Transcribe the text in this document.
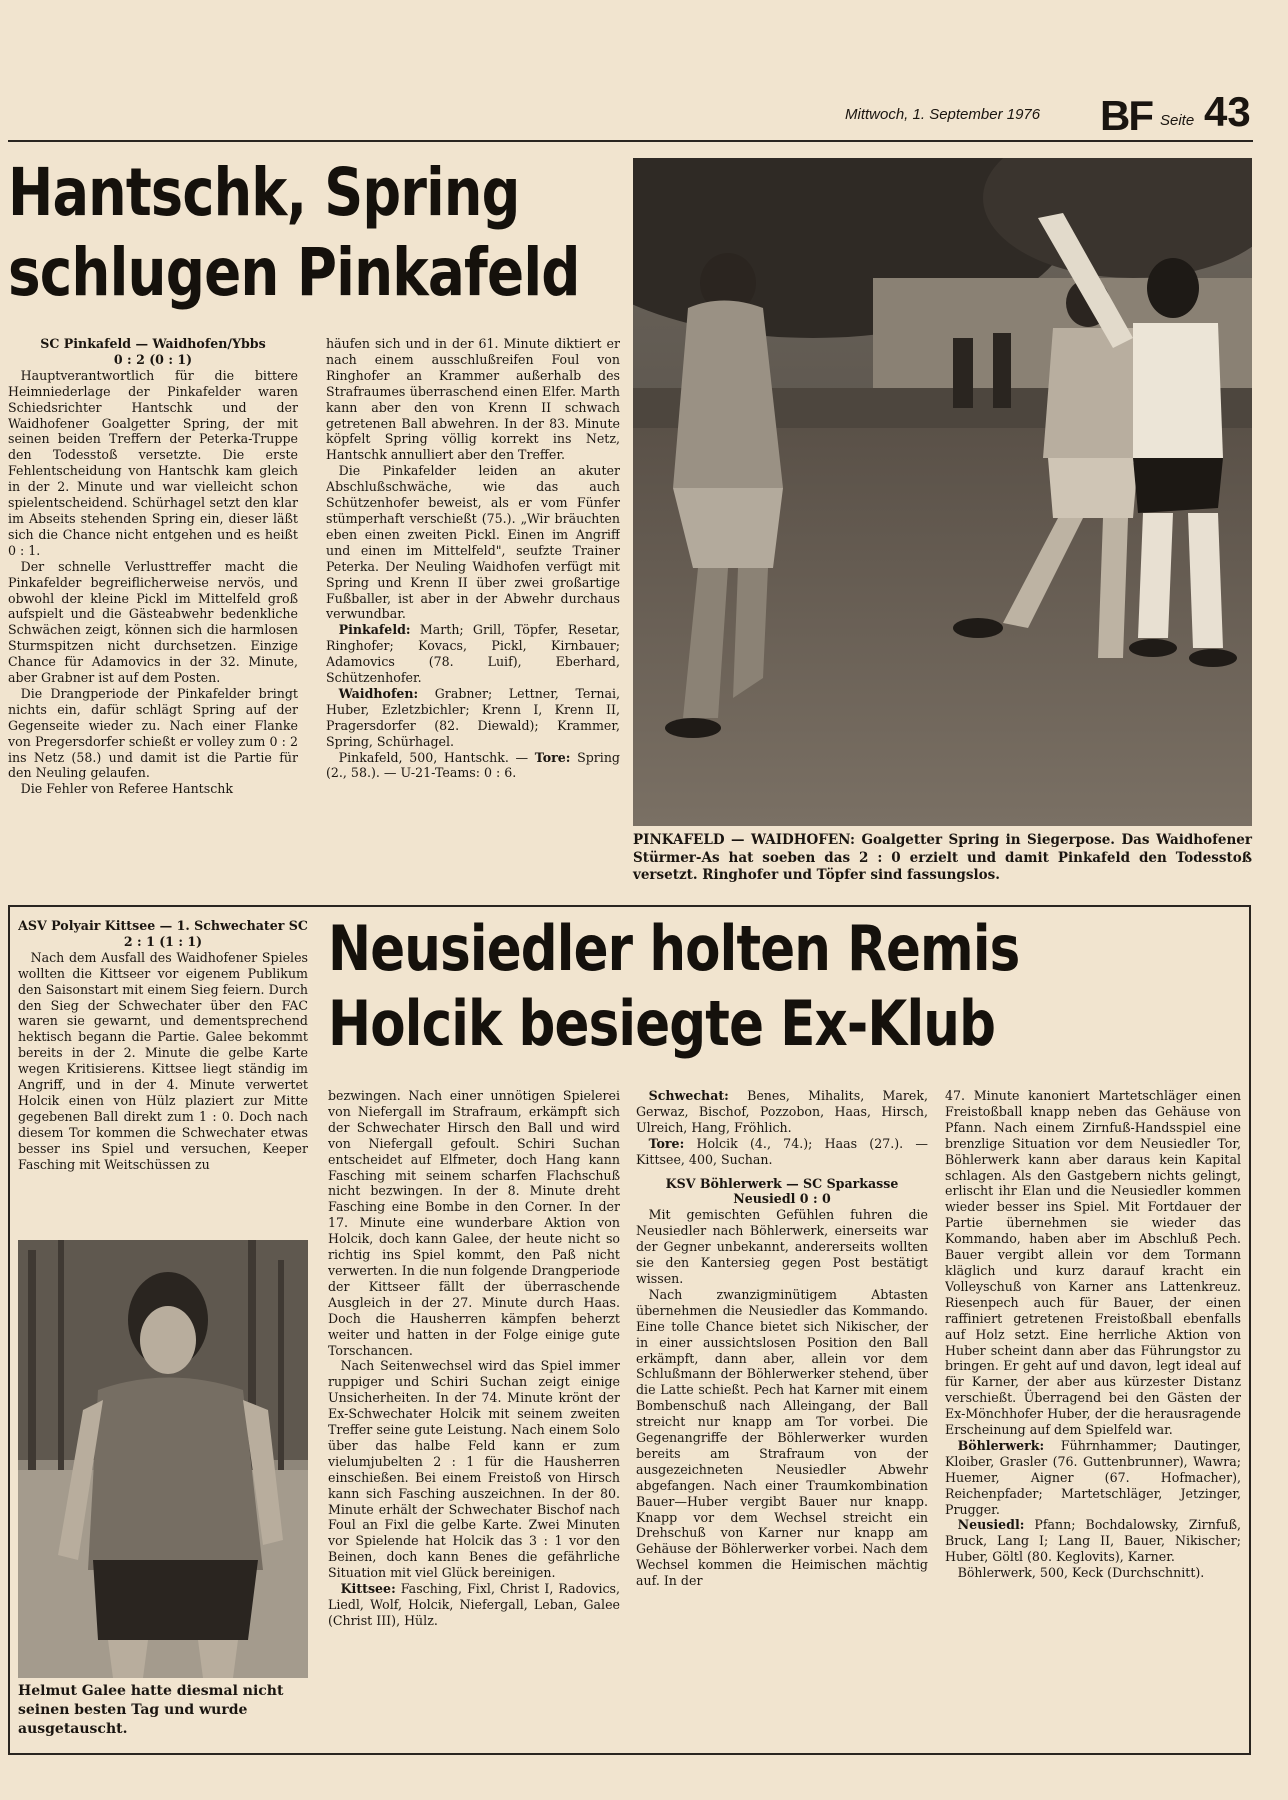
Mittwoch, 1. September 1976 BF Seite 43
Hantschk, Spring
schlugen Pinkafeld

SC Pinkafeld — Waidhofen/Ybbs

0 : 2 (0 : 1)

Hauptverantwortlich für die bittere Heimniederlage der Pinkafelder waren Schiedsrichter Hantschk und der Waidhofener Goalgetter Spring, der mit seinen beiden Treffern der Peterka-Truppe den Todesstoß versetzte. Die erste Fehlentscheidung von Hantschk kam gleich in der 2. Minute und war vielleicht schon spielentscheidend. Schürhagel setzt den klar im Abseits stehenden Spring ein, dieser läßt sich die Chance nicht entgehen und es heißt 0 : 1.

Der schnelle Verlusttreffer macht die Pinkafelder begreiflicherweise nervös, und obwohl der kleine Pickl im Mittelfeld groß aufspielt und die Gästeabwehr bedenkliche Schwächen zeigt, können sich die harmlosen Sturmspitzen nicht durchsetzen. Einzige Chance für Adamovics in der 32. Minute, aber Grabner ist auf dem Posten.

Die Drangperiode der Pinkafelder bringt nichts ein, dafür schlägt Spring auf der Gegenseite wieder zu. Nach einer Flanke von Pregersdorfer schießt er volley zum 0 : 2 ins Netz (58.) und damit ist die Partie für den Neuling gelaufen.

Die Fehler von Referee Hantschk

häufen sich und in der 61. Minute diktiert er nach einem ausschlußreifen Foul von Ringhofer an Krammer außerhalb des Strafraumes überraschend einen Elfer. Marth kann aber den von Krenn II schwach getretenen Ball abwehren. In der 83. Minute köpfelt Spring völlig korrekt ins Netz, Hantschk annulliert aber den Treffer.

Die Pinkafelder leiden an akuter Abschlußschwäche, wie das auch Schützenhofer beweist, als er vom Fünfer stümperhaft verschießt (75.). „Wir bräuchten eben einen zweiten Pickl. Einen im Angriff und einen im Mittelfeld", seufzte Trainer Peterka. Der Neuling Waidhofen verfügt mit Spring und Krenn II über zwei großartige Fußballer, ist aber in der Abwehr durchaus verwundbar.

Pinkafeld: Marth; Grill, Töpfer, Resetar, Ringhofer; Kovacs, Pickl, Kirnbauer; Adamovics (78. Luif), Eberhard, Schützenhofer.

Waidhofen: Grabner; Lettner, Ternai, Huber, Ezletzbichler; Krenn I, Krenn II, Pragersdorfer (82. Diewald); Krammer, Spring, Schürhagel.

Pinkafeld, 500, Hantschk. — Tore: Spring (2., 58.). — U-21-Teams: 0 : 6.

PINKAFELD — WAIDHOFEN: Goalgetter Spring in Siegerpose. Das Waidhofener Stürmer-As hat soeben das 2 : 0 erzielt und damit Pinkafeld den Todesstoß versetzt. Ringhofer und Töpfer sind fassungslos.
Neusiedler holten Remis
Holcik besiegte Ex-Klub

ASV Polyair Kittsee — 1. Schwechater SC 2 : 1 (1 : 1)

Nach dem Ausfall des Waidhofener Spieles wollten die Kittseer vor eigenem Publikum den Saisonstart mit einem Sieg feiern. Durch den Sieg der Schwechater über den FAC waren sie gewarnt, und dementsprechend hektisch begann die Partie. Galee bekommt bereits in der 2. Minute die gelbe Karte wegen Kritisierens. Kittsee liegt ständig im Angriff, und in der 4. Minute verwertet Holcik einen von Hülz plaziert zur Mitte gegebenen Ball direkt zum 1 : 0. Doch nach diesem Tor kommen die Schwechater etwas besser ins Spiel und versuchen, Keeper Fasching mit Weitschüssen zu

Helmut Galee hatte diesmal nicht seinen besten Tag und wurde ausgetauscht.

bezwingen. Nach einer unnötigen Spielerei von Niefergall im Strafraum, erkämpft sich der Schwechater Hirsch den Ball und wird von Niefergall gefoult. Schiri Suchan entscheidet auf Elfmeter, doch Hang kann Fasching mit seinem scharfen Flachschuß nicht bezwingen. In der 8. Minute dreht Fasching eine Bombe in den Corner. In der 17. Minute eine wunderbare Aktion von Holcik, doch kann Galee, der heute nicht so richtig ins Spiel kommt, den Paß nicht verwerten. In die nun folgende Drangperiode der Kittseer fällt der überraschende Ausgleich in der 27. Minute durch Haas. Doch die Hausherren kämpfen beherzt weiter und hatten in der Folge einige gute Torschancen.

Nach Seitenwechsel wird das Spiel immer ruppiger und Schiri Suchan zeigt einige Unsicherheiten. In der 74. Minute krönt der Ex-Schwechater Holcik mit seinem zweiten Treffer seine gute Leistung. Nach einem Solo über das halbe Feld kann er zum vielumjubelten 2 : 1 für die Hausherren einschießen. Bei einem Freistoß von Hirsch kann sich Fasching auszeichnen. In der 80. Minute erhält der Schwechater Bischof nach Foul an Fixl die gelbe Karte. Zwei Minuten vor Spielende hat Holcik das 3 : 1 vor den Beinen, doch kann Benes die gefährliche Situation mit viel Glück bereinigen.

Kittsee: Fasching, Fixl, Christ I, Radovics, Liedl, Wolf, Holcik, Niefergall, Leban, Galee (Christ III), Hülz.

Schwechat: Benes, Mihalits, Marek, Gerwaz, Bischof, Pozzobon, Haas, Hirsch, Ulreich, Hang, Fröhlich.

Tore: Holcik (4., 74.); Haas (27.). — Kittsee, 400, Suchan.

KSV Böhlerwerk — SC Sparkasse Neusiedl 0 : 0

Mit gemischten Gefühlen fuhren die Neusiedler nach Böhlerwerk, einerseits war der Gegner unbekannt, andererseits wollten sie den Kantersieg gegen Post bestätigt wissen.

Nach zwanzigminütigem Abtasten übernehmen die Neusiedler das Kommando. Eine tolle Chance bietet sich Nikischer, der in einer aussichtslosen Position den Ball erkämpft, dann aber, allein vor dem Schlußmann der Böhlerwerker stehend, über die Latte schießt. Pech hat Karner mit einem Bombenschuß nach Alleingang, der Ball streicht nur knapp am Tor vorbei. Die Gegenangriffe der Böhlerwerker wurden bereits am Strafraum von der ausgezeichneten Neusiedler Abwehr abgefangen. Nach einer Traumkombination Bauer—Huber vergibt Bauer nur knapp. Knapp vor dem Wechsel streicht ein Drehschuß von Karner nur knapp am Gehäuse der Böhlerwerker vorbei. Nach dem Wechsel kommen die Heimischen mächtig auf. In der

47. Minute kanoniert Martetschläger einen Freistoßball knapp neben das Gehäuse von Pfann. Nach einem Zirnfuß-Handsspiel eine brenzlige Situation vor dem Neusiedler Tor, Böhlerwerk kann aber daraus kein Kapital schlagen. Als den Gastgebern nichts gelingt, erlischt ihr Elan und die Neusiedler kommen wieder besser ins Spiel. Mit Fortdauer der Partie übernehmen sie wieder das Kommando, haben aber im Abschluß Pech. Bauer vergibt allein vor dem Tormann kläglich und kurz darauf kracht ein Volleyschuß von Karner ans Lattenkreuz. Riesenpech auch für Bauer, der einen raffiniert getretenen Freistoßball ebenfalls auf Holz setzt. Eine herrliche Aktion von Huber scheint dann aber das Führungstor zu bringen. Er geht auf und davon, legt ideal auf für Karner, der aber aus kürzester Distanz verschießt. Überragend bei den Gästen der Ex-Mönchhofer Huber, der die herausragende Erscheinung auf dem Spielfeld war.

Böhlerwerk: Führnhammer; Dautinger, Kloiber, Grasler (76. Guttenbrunner), Wawra; Huemer, Aigner (67. Hofmacher), Reichenpfader; Martetschläger, Jetzinger, Prugger.

Neusiedl: Pfann; Bochdalowsky, Zirnfuß, Bruck, Lang I; Lang II, Bauer, Nikischer; Huber, Göltl (80. Keglovits), Karner.

Böhlerwerk, 500, Keck (Durchschnitt).
